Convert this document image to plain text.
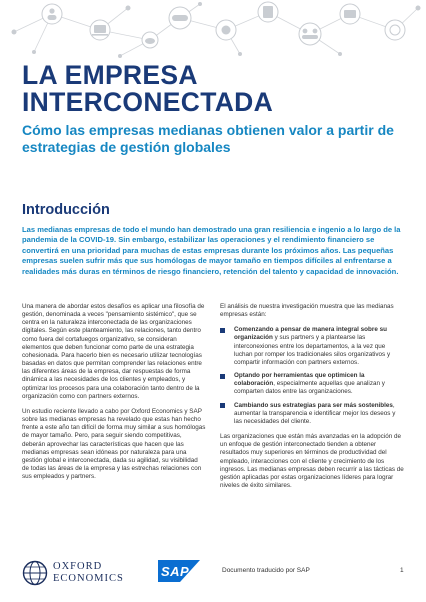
LA EMPRESA
INTERCONECTADA
Cómo las empresas medianas obtienen valor a partir de estrategias de gestión globales
Introducción

Las medianas empresas de todo el mundo han demostrado una gran resiliencia e ingenio a lo largo de la pandemia de la COVID-19. Sin embargo, estabilizar las operaciones y el rendimiento financiero se convertirá en una prioridad para muchas de estas empresas durante los próximos años. Las pequeñas empresas suelen sufrir más que sus homólogas de mayor tamaño en tiempos difíciles al enfrentarse a realidades más duras en términos de riesgo financiero, retención del talento y capacidad de innovación.

Una manera de abordar estos desafíos es aplicar una filosofía de gestión, denominada a veces "pensamiento sistémico", que se centra en la naturaleza interconectada de las organizaciones digitales. Según este planteamiento, las relaciones, tanto dentro como fuera del cortafuegos organizativo, se consideran elementos que deben funcionar como parte de una estrategia cohesionada. Para hacerlo bien es necesario utilizar tecnologías basadas en datos que permitan comprender las relaciones entre las diferentes áreas de la empresa, dar respuestas de forma dinámica a las necesidades de los clientes y empleados, y optimizar los procesos para una colaboración tanto dentro de la organización como con partners externos.

Un estudio reciente llevado a cabo por Oxford Economics y SAP sobre las medianas empresas ha revelado que estas han hecho frente a este año tan difícil de forma muy similar a sus homólogas de mayor tamaño. Pero, para seguir siendo competitivas, deberán aprovechar las características que hacen que las medianas empresas sean idóneas por naturaleza para una gestión global e interconectada, dada su agilidad, su visibilidad de todas las áreas de la empresa y las estrechas relaciones con sus empleados y partners.

El análisis de nuestra investigación muestra que las medianas empresas están:

Comenzando a pensar de manera integral sobre su organización y sus partners y a plantearse las interconexiones entre los departamentos, a la vez que luchan por romper los tradicionales silos organizativos y compartir información con partners externos.
Optando por herramientas que optimicen la colaboración, especialmente aquellas que analizan y comparten datos entre las organizaciones.
Cambiando sus estrategias para ser más sostenibles, aumentar la transparencia e identificar mejor los deseos y las necesidades del cliente.

Las organizaciones que están más avanzadas en la adopción de un enfoque de gestión interconectado tienden a obtener resultados muy superiores en términos de productividad del empleado, interacciones con el cliente y crecimiento de los ingresos. Las medianas empresas deben recurrir a las tácticas de gestión aplicadas por estas organizaciones líderes para lograr niveles de éxito similares.

OXFORD
ECONOMICS	SAP	Documento traducido por SAP	1
